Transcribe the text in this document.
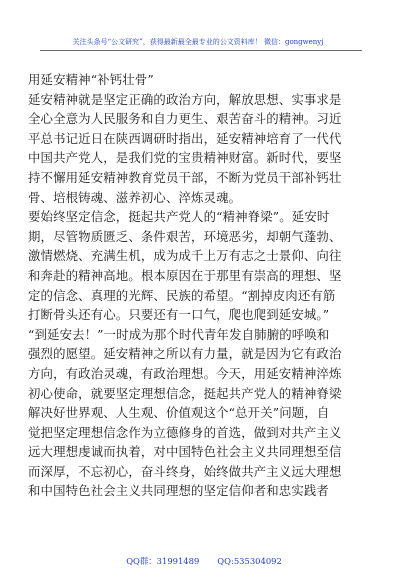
关注头条号“公文研究”，获得最新最全最专业的公文资料库！ 微信：gongwenyj

用延安精神“补钙壮骨”

延安精神就是坚定正确的政治方向，解放思想、实事求是

全心全意为人民服务和自力更生、艰苦奋斗的精神。习近

平总书记近日在陕西调研时指出，延安精神培育了一代代

中国共产党人，是我们党的宝贵精神财富。新时代，要坚

持不懈用延安精神教育党员干部，不断为党员干部补钙壮

骨、培根铸魂、滋养初心、淬炼灵魂。

要始终坚定信念，挺起共产党人的“精神脊梁”。延安时

期，尽管物质匮乏、条件艰苦，环境恶劣，却朝气蓬勃、

激情燃烧、充满生机，成为成千上万有志之士景仰、向往

和奔赴的精神高地。根本原因在于那里有崇高的理想、坚

定的信念、真理的光辉、民族的希望。“割掉皮肉还有筋

打断骨头还有心。只要还有一口气，爬也爬到延安城。”

“到延安去！”一时成为那个时代青年发自肺腑的呼唤和

强烈的愿望。延安精神之所以有力量，就是因为它有政治

方向，有政治灵魂，有政治理想。今天，用延安精神淬炼

初心使命，就要坚定理想信念，挺起共产党人的精神脊梁

解决好世界观、人生观、价值观这个“总开关”问题，自

觉把坚定理想信念作为立德修身的首选，做到对共产主义

远大理想虔诚而执着，对中国特色社会主义共同理想至信

而深厚，不忘初心，奋斗终身，始终做共产主义远大理想

和中国特色社会主义共同理想的坚定信仰者和忠实践者

QQ群：31991489 QQ:535304092
